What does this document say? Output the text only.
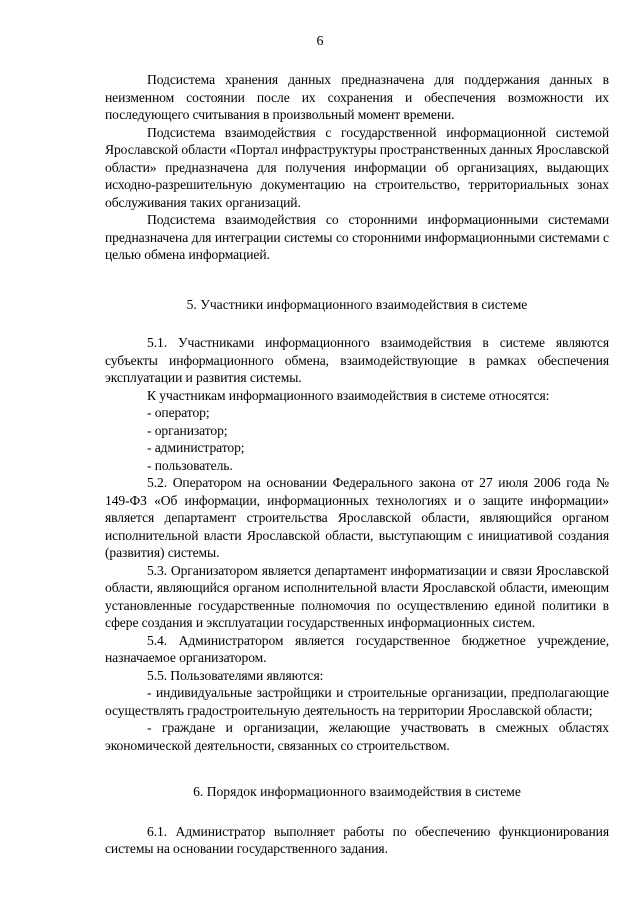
6

Подсистема хранения данных предназначена для поддержания данных в неизменном состоянии после их сохранения и обеспечения возможности их последующего считывания в произвольный момент времени.

Подсистема взаимодействия с государственной информационной системой Ярославской области «Портал инфраструктуры пространственных данных Ярославской области» предназначена для получения информации об организациях, выдающих исходно-разрешительную документацию на строительство, территориальных зонах обслуживания таких организаций.

Подсистема взаимодействия со сторонними информационными системами предназначена для интеграции системы со сторонними информационными системами с целью обмена информацией.

5. Участники информационного взаимодействия в системе

5.1. Участниками информационного взаимодействия в системе являются субъекты информационного обмена, взаимодействующие в рамках обеспечения эксплуатации и развития системы.

К участникам информационного взаимодействия в системе относятся:

- оператор;

- организатор;

- администратор;

- пользователь.

5.2. Оператором на основании Федерального закона от 27 июля 2006 года № 149-ФЗ «Об информации, информационных технологиях и о защите информации» является департамент строительства Ярославской области, являющийся органом исполнительной власти Ярославской области, выступающим с инициативой создания (развития) системы.

5.3. Организатором является департамент информатизации и связи Ярославской области, являющийся органом исполнительной власти Ярославской области, имеющим установленные государственные полномочия по осуществлению единой политики в сфере создания и эксплуатации государственных информационных систем.

5.4. Администратором является государственное бюджетное учреждение, назначаемое организатором.

5.5. Пользователями являются:

- индивидуальные застройщики и строительные организации, предполагающие осуществлять градостроительную деятельность на территории Ярославской области;

- граждане и организации, желающие участвовать в смежных областях экономической деятельности, связанных со строительством.

6. Порядок информационного взаимодействия в системе

6.1. Администратор выполняет работы по обеспечению функционирования системы на основании государственного задания.
